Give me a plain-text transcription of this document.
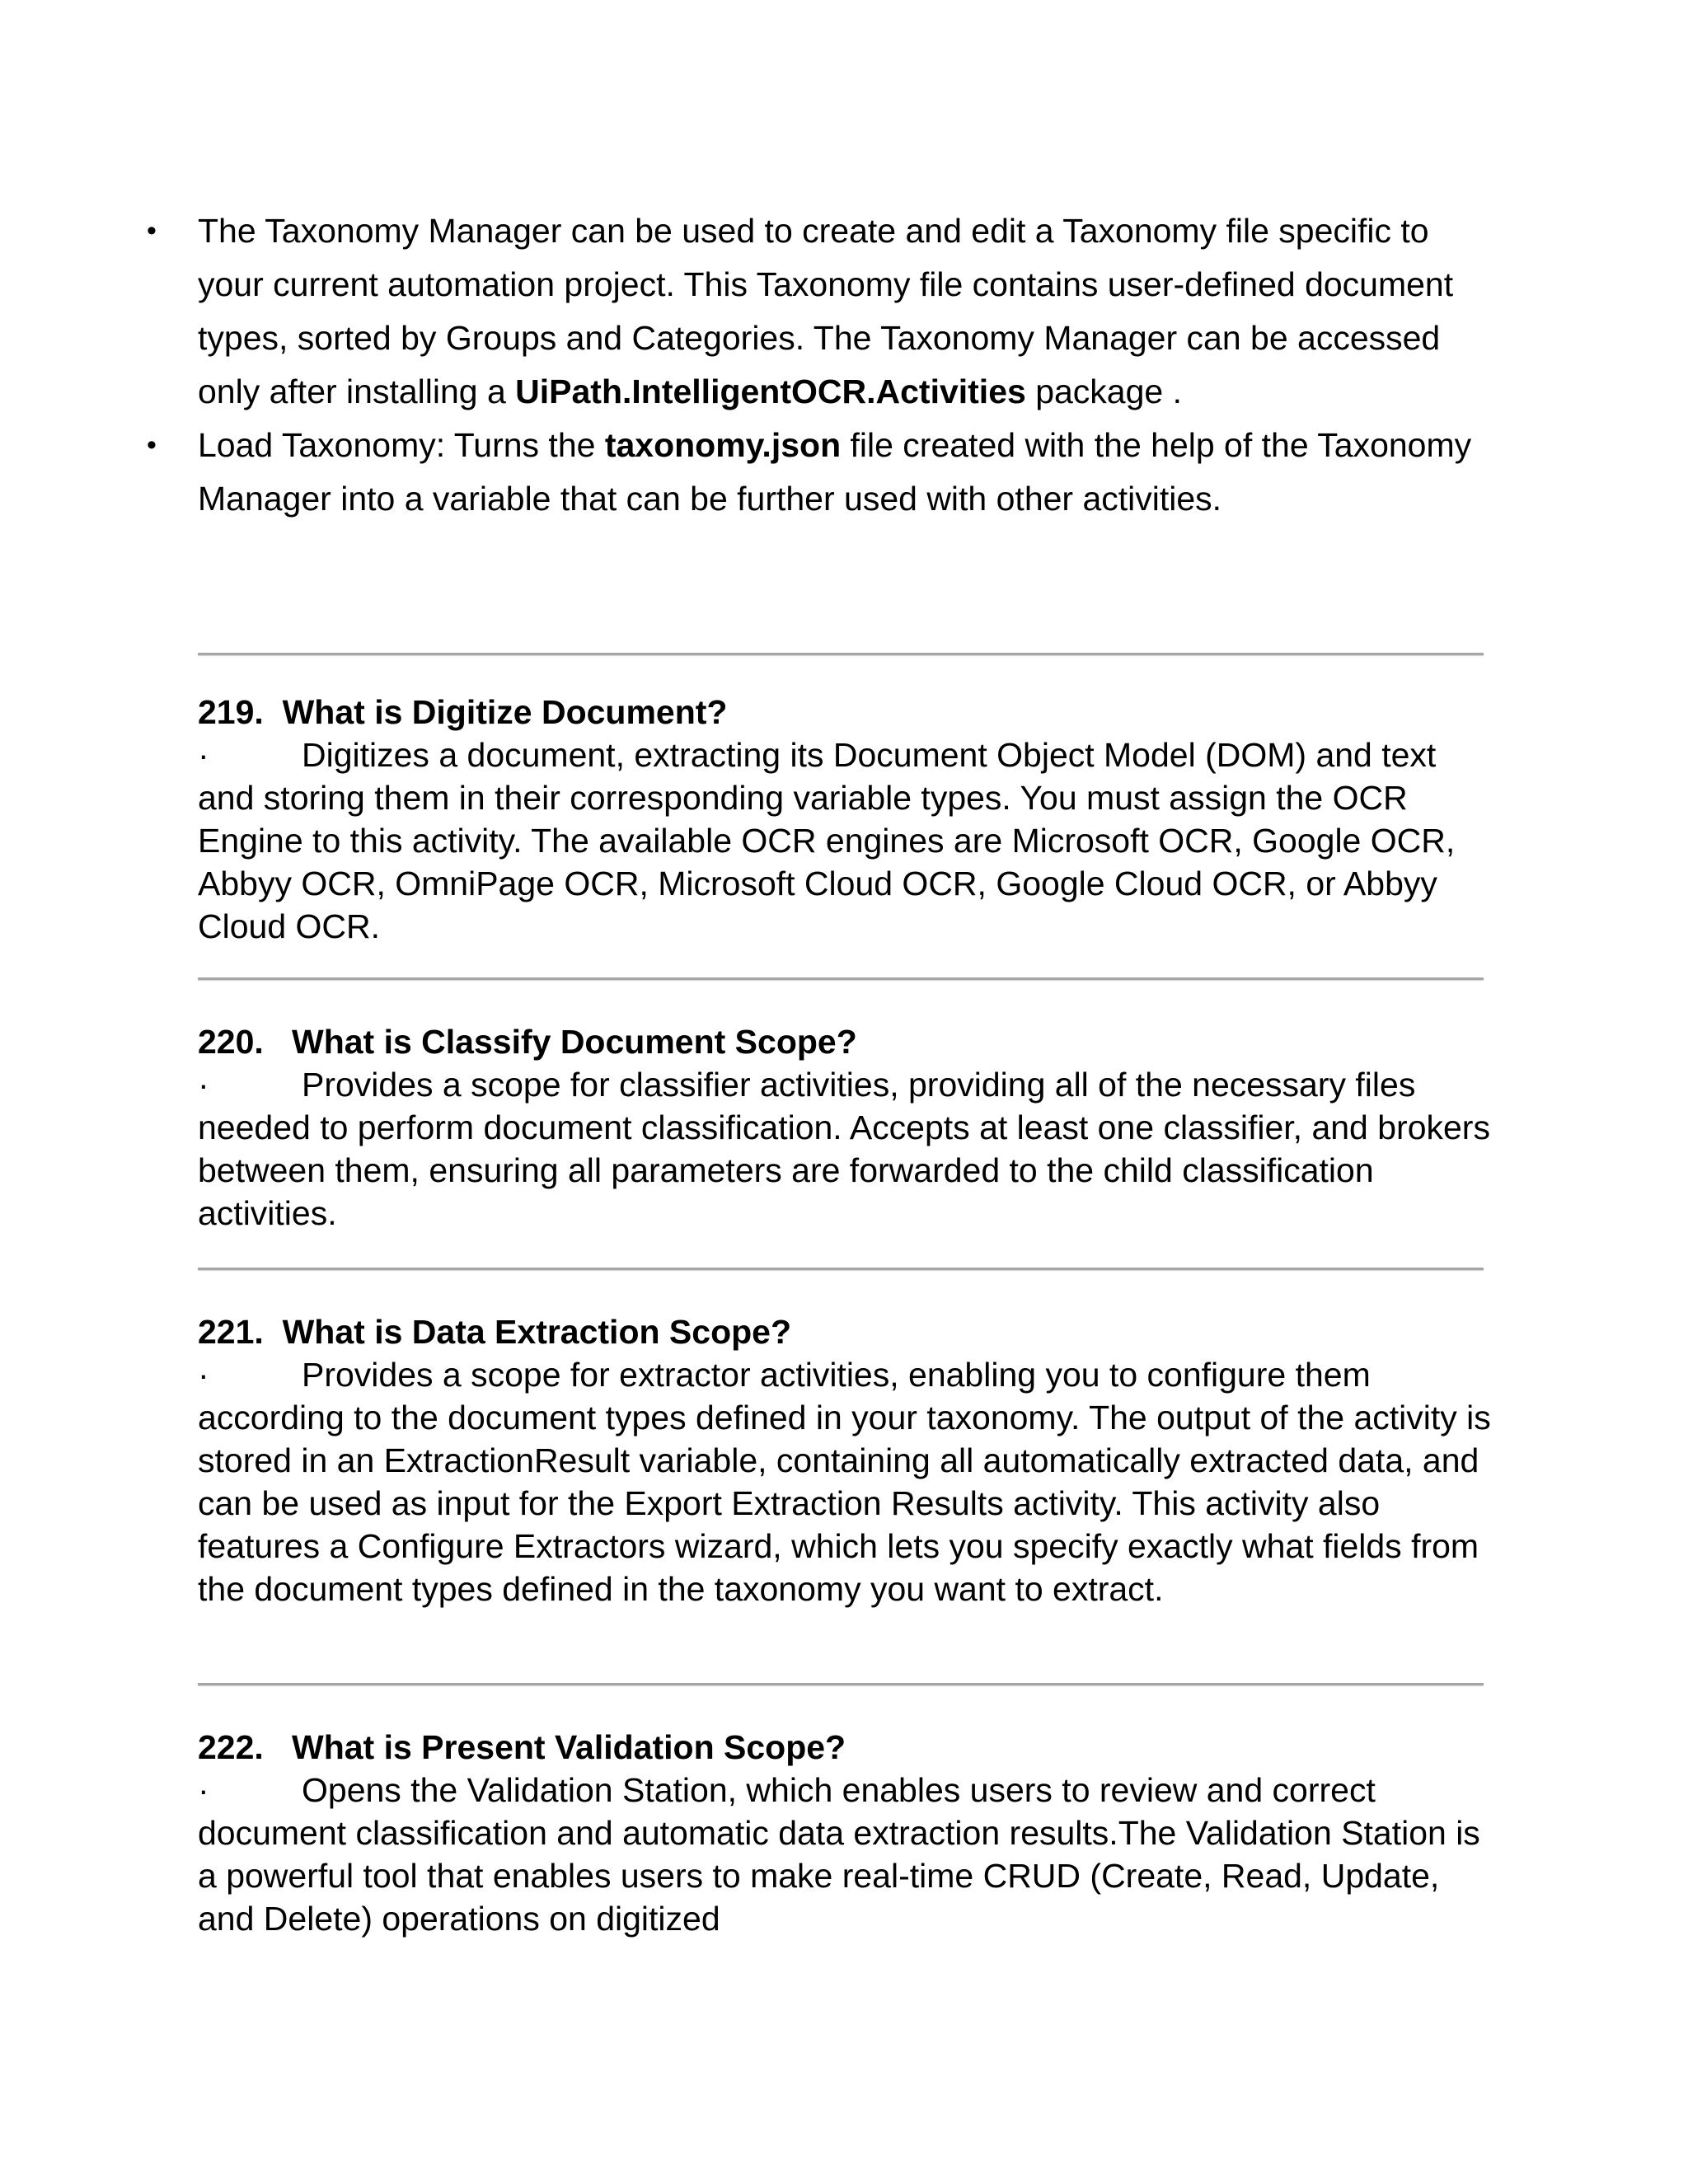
• The Taxonomy Manager can be used to create and edit a Taxonomy file specific to your current automation project. This Taxonomy file contains user-defined document types, sorted by Groups and Categories. The Taxonomy Manager can be accessed only after installing a UiPath.IntelligentOCR.Activities package .
• Load Taxonomy: Turns the taxonomy.json file created with the help of the Taxonomy Manager into a variable that can be further used with other activities.
219. What is Digitize Document?

·	Digitizes a document, extracting its Document Object Model (DOM) and text and storing them in their corresponding variable types. You must assign the OCR Engine to this activity. The available OCR engines are Microsoft OCR, Google OCR, Abbyy OCR, OmniPage OCR, Microsoft Cloud OCR, Google Cloud OCR, or Abbyy Cloud OCR.

220. What is Classify Document Scope?

·	Provides a scope for classifier activities, providing all of the necessary files needed to perform document classification. Accepts at least one classifier, and brokers between them, ensuring all parameters are forwarded to the child classification activities.

221. What is Data Extraction Scope?

·	Provides a scope for extractor activities, enabling you to configure them according to the document types defined in your taxonomy. The output of the activity is stored in an ExtractionResult variable, containing all automatically extracted data, and can be used as input for the Export Extraction Results activity. This activity also features a Configure Extractors wizard, which lets you specify exactly what fields from the document types defined in the taxonomy you want to extract.

222. What is Present Validation Scope?

·	Opens the Validation Station, which enables users to review and correct document classification and automatic data extraction results.The Validation Station is a powerful tool that enables users to make real-time CRUD (Create, Read, Update, and Delete) operations on digitized
